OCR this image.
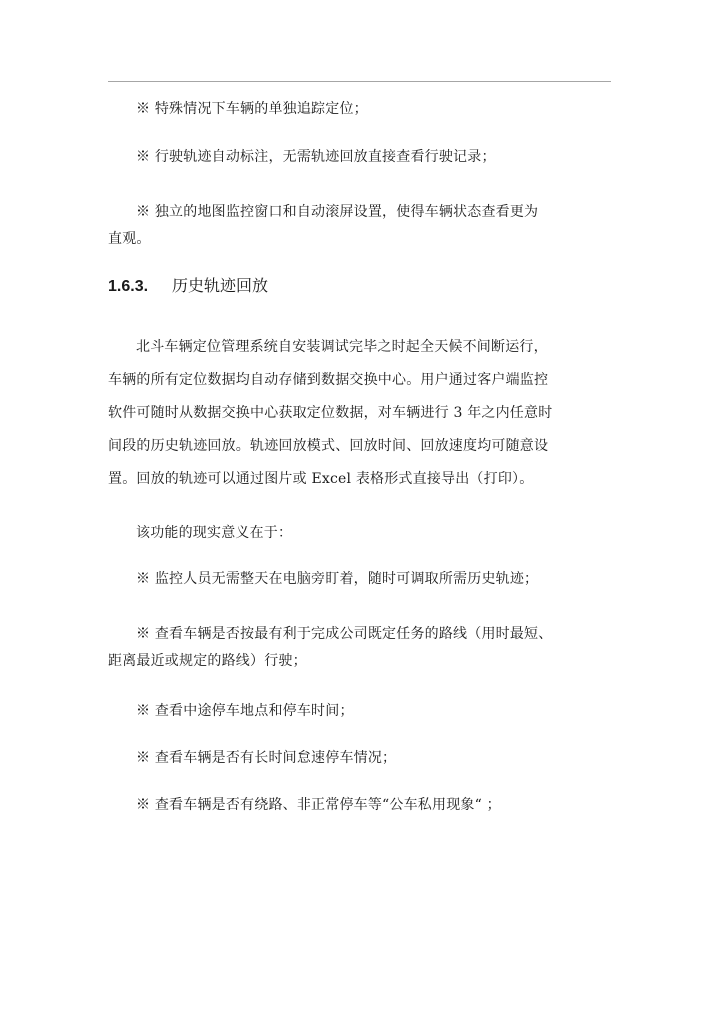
※ 特殊情况下车辆的单独追踪定位；
※ 行驶轨迹自动标注，无需轨迹回放直接查看行驶记录；
※ 独立的地图监控窗口和自动滚屏设置，使得车辆状态查看更为
直观。
1.6.3. 历史轨迹回放
北斗车辆定位管理系统自安装调试完毕之时起全天候不间断运行，
车辆的所有定位数据均自动存储到数据交换中心。用户通过客户端监控
软件可随时从数据交换中心获取定位数据，对车辆进行 3 年之内任意时
间段的历史轨迹回放。轨迹回放模式、回放时间、回放速度均可随意设
置。回放的轨迹可以通过图片或 Excel 表格形式直接导出（打印）。
该功能的现实意义在于：
※ 监控人员无需整天在电脑旁盯着，随时可调取所需历史轨迹；
※ 查看车辆是否按最有利于完成公司既定任务的路线（用时最短、
距离最近或规定的路线）行驶；
※ 查看中途停车地点和停车时间；
※ 查看车辆是否有长时间怠速停车情况；
※ 查看车辆是否有绕路、非正常停车等“公车私用现象“ ；
